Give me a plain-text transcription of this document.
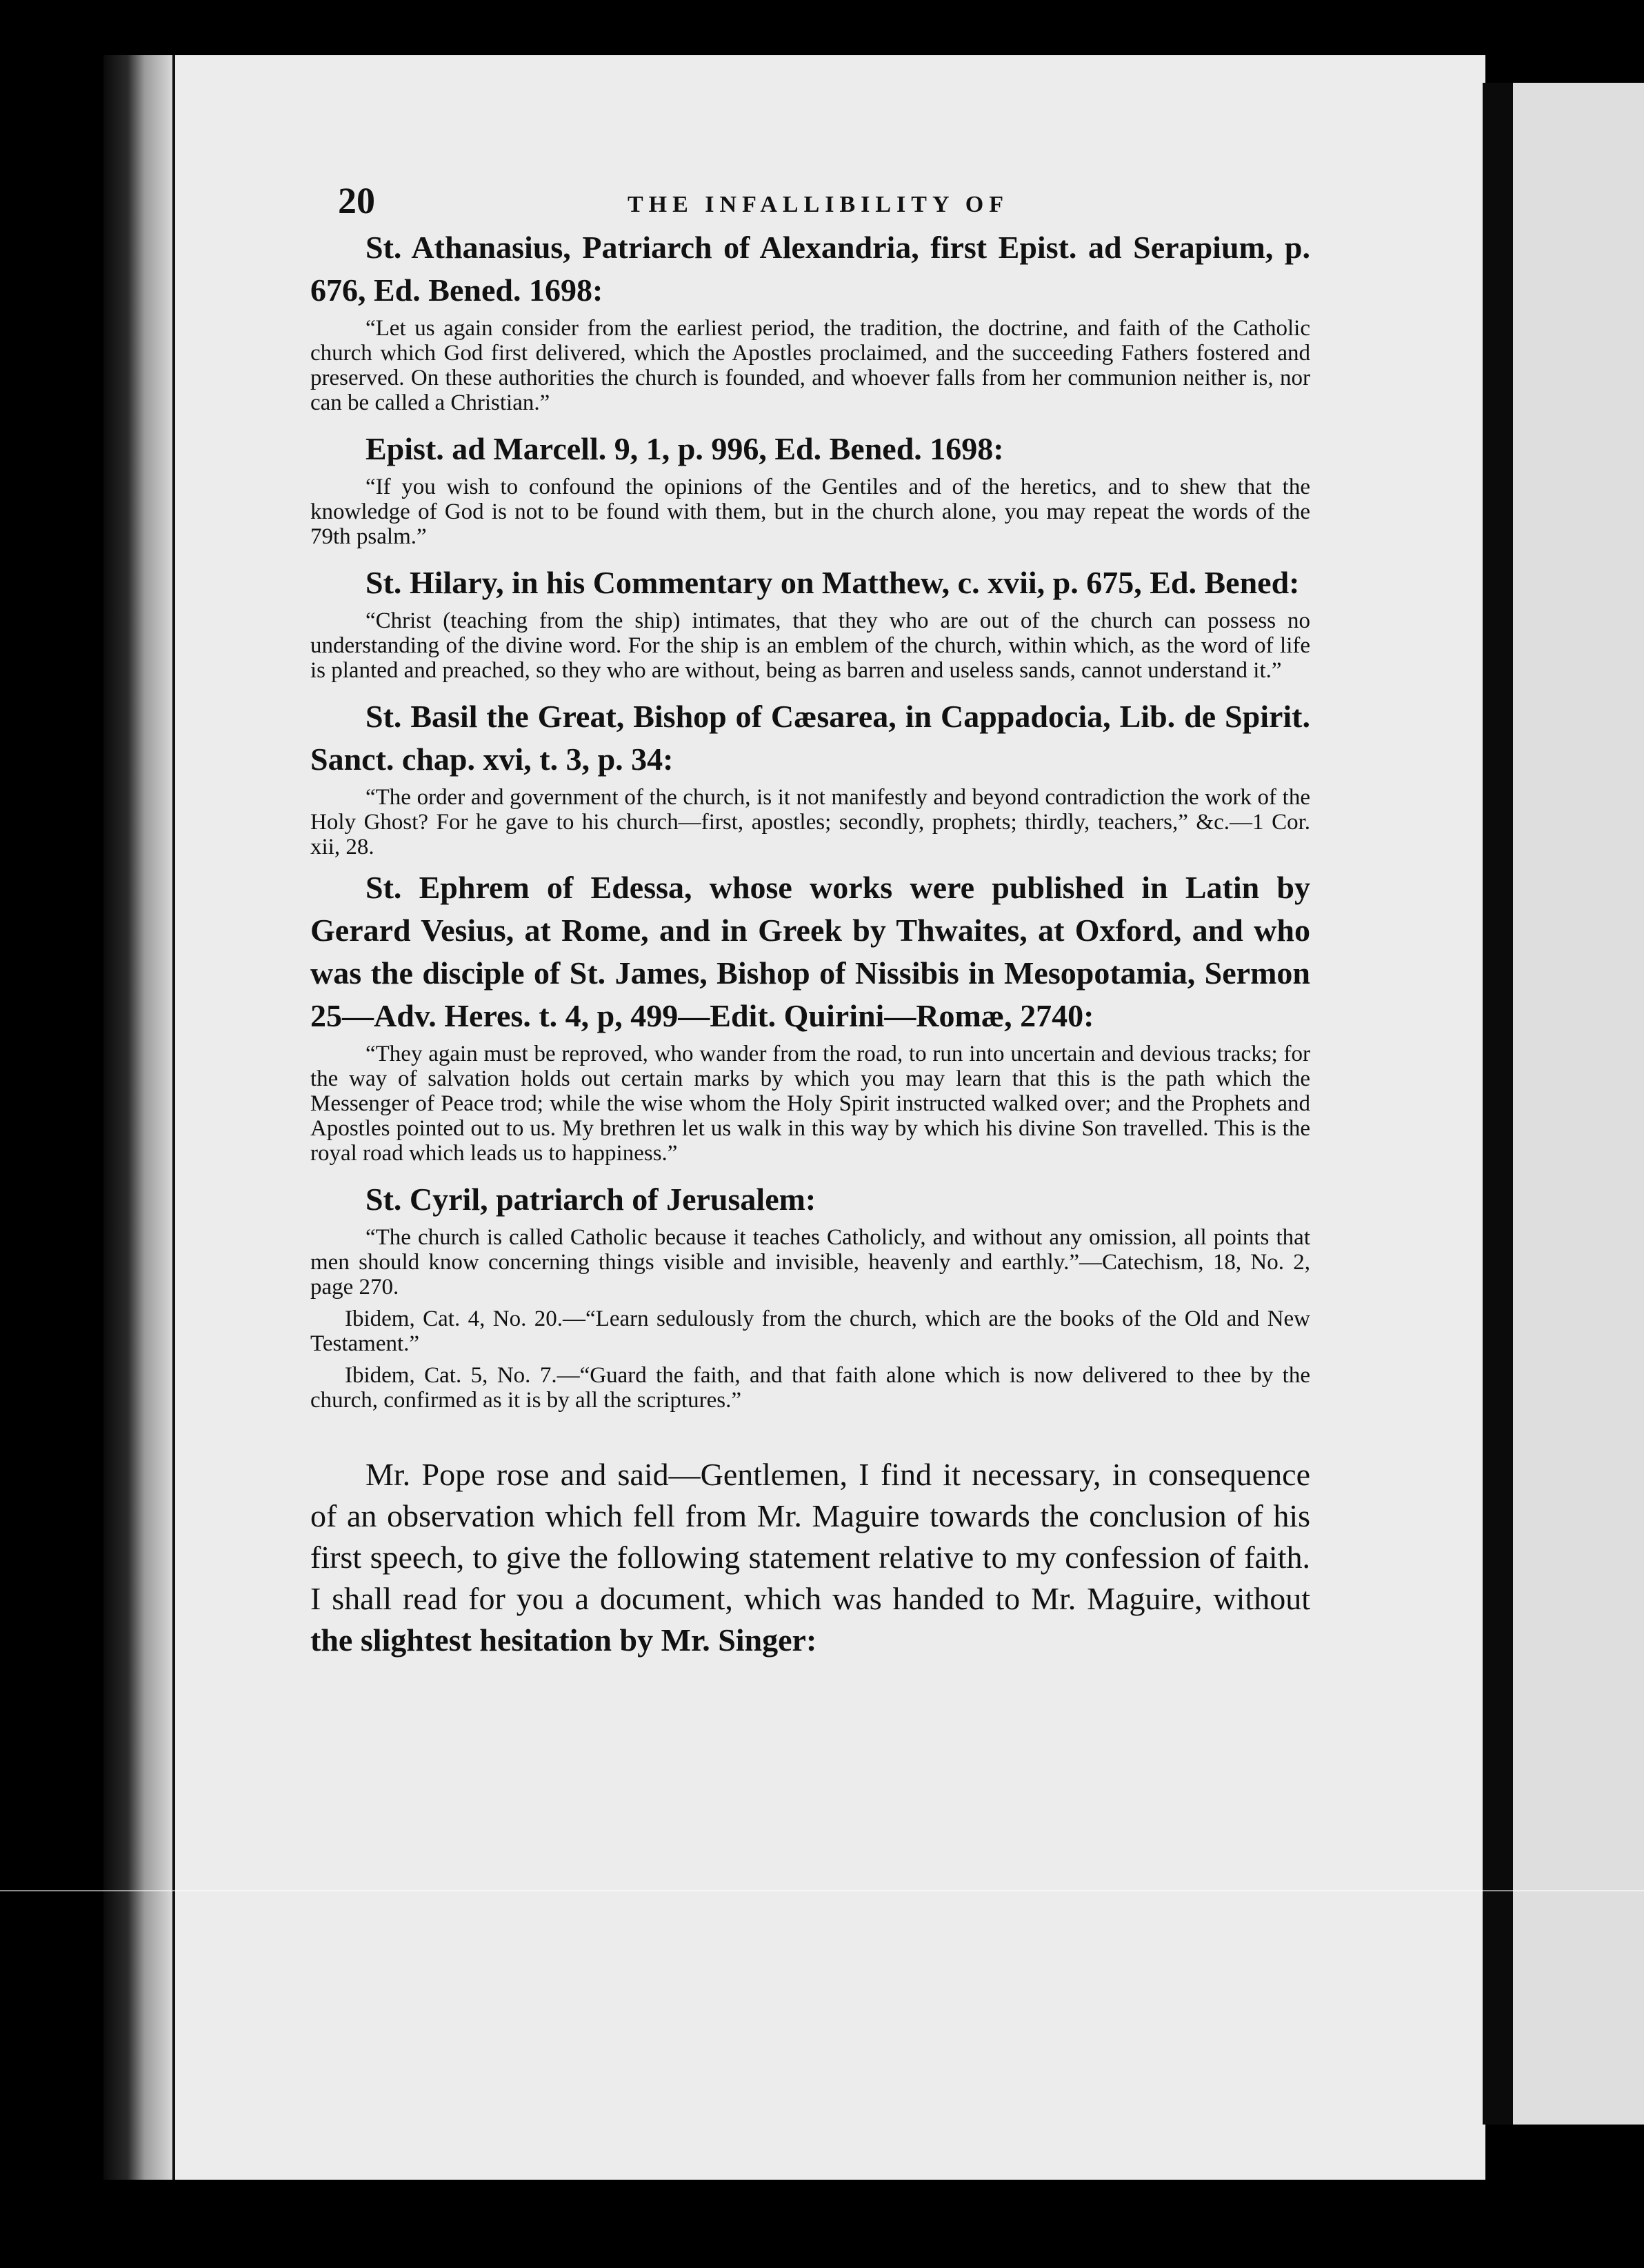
20	THE INFALLIBILITY OF
St. Athanasius, Patriarch of Alexandria, first Epist. ad Serapium, p. 676, Ed. Bened. 1698:
“Let us again consider from the earliest period, the tradition, the doctrine, and faith of the Catholic church which God first delivered, which the Apostles proclaimed, and the succeeding Fathers fostered and preserved. On these authorities the church is founded, and whoever falls from her communion neither is, nor can be called a Christian.”
Epist. ad Marcell. 9, 1, p. 996, Ed. Bened. 1698:
“If you wish to confound the opinions of the Gentiles and of the heretics, and to shew that the knowledge of God is not to be found with them, but in the church alone, you may repeat the words of the 79th psalm.”
St. Hilary, in his Commentary on Matthew, c. xvii, p. 675, Ed. Bened:
“Christ (teaching from the ship) intimates, that they who are out of the church can possess no understanding of the divine word. For the ship is an emblem of the church, within which, as the word of life is planted and preached, so they who are without, being as barren and useless sands, cannot understand it.”
St. Basil the Great, Bishop of Cæsarea, in Cappadocia, Lib. de Spirit. Sanct. chap. xvi, t. 3, p. 34:
“The order and government of the church, is it not manifestly and beyond contradiction the work of the Holy Ghost? For he gave to his church—first, apostles; secondly, prophets; thirdly, teachers,” &c.—1 Cor. xii, 28.
St. Ephrem of Edessa, whose works were published in Latin by Gerard Vesius, at Rome, and in Greek by Thwaites, at Oxford, and who was the disciple of St. James, Bishop of Nissibis in Mesopotamia, Sermon 25—Adv. Heres. t. 4, p, 499—Edit. Quirini—Romæ, 2740:
“They again must be reproved, who wander from the road, to run into uncertain and devious tracks; for the way of salvation holds out certain marks by which you may learn that this is the path which the Messenger of Peace trod; while the wise whom the Holy Spirit instructed walked over; and the Prophets and Apostles pointed out to us. My brethren let us walk in this way by which his divine Son travelled. This is the royal road which leads us to happiness.”
St. Cyril, patriarch of Jerusalem:
“The church is called Catholic because it teaches Catholicly, and without any omission, all points that men should know concerning things visible and invisible, heavenly and earthly.”—Catechism, 18, No. 2, page 270.
Ibidem, Cat. 4, No. 20.—“Learn sedulously from the church, which are the books of the Old and New Testament.”
Ibidem, Cat. 5, No. 7.—“Guard the faith, and that faith alone which is now delivered to thee by the church, confirmed as it is by all the scriptures.”
Mr. Pope rose and said—Gentlemen, I find it necessary, in consequence of an observation which fell from Mr. Maguire towards the conclusion of his first speech, to give the following statement relative to my confession of faith. I shall read for you a document, which was handed to Mr. Maguire, without the slightest hesitation by Mr. Singer:
